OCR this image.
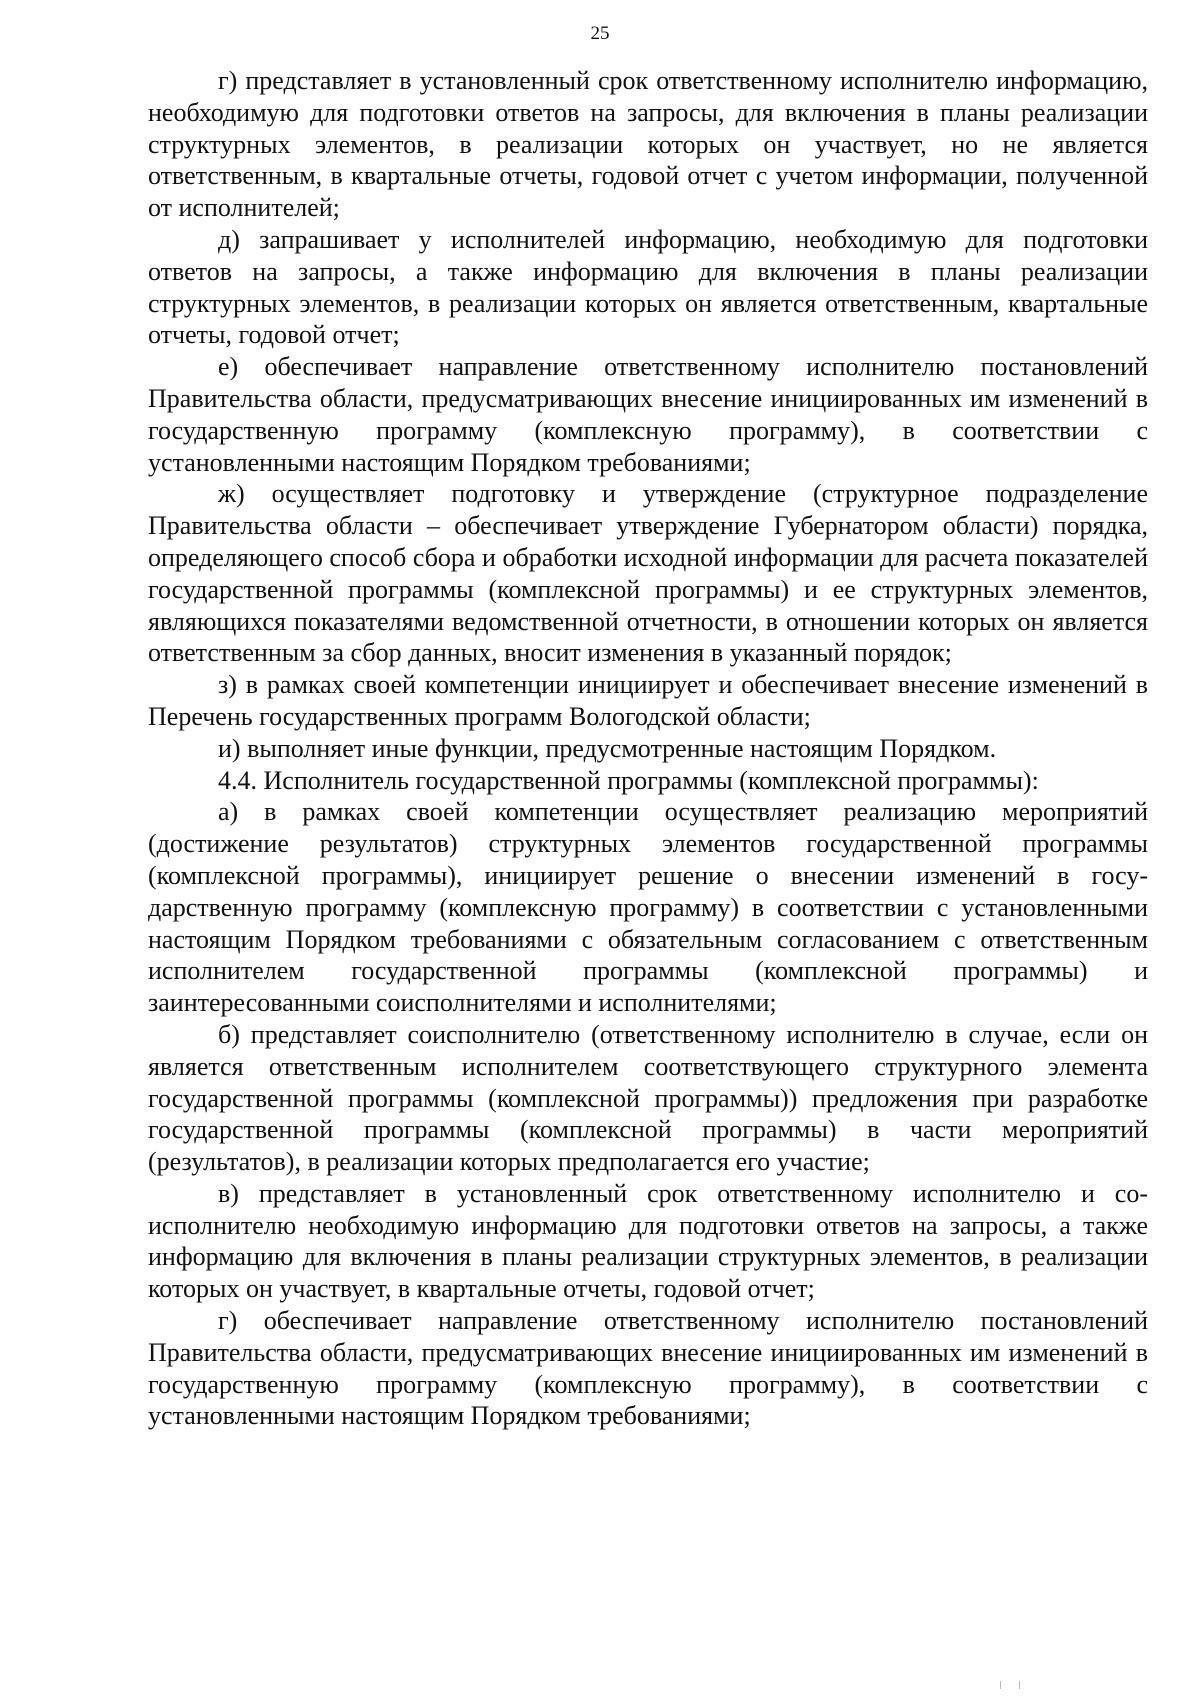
25

г) представляет в установленный срок ответственному исполнителю информацию, необходимую для подготовки ответов на запросы, для включения в планы реализации структурных элементов, в реализации которых он участвует, но не является ответственным, в квартальные отчеты, годовой отчет с учетом информации, полученной от исполнителей;

д) запрашивает у исполнителей информацию, необходимую для подготовки ответов на запросы, а также информацию для включения в планы реализации структурных элементов, в реализации которых он является ответственным, квартальные отчеты, годовой отчет;

е) обеспечивает направление ответственному исполнителю постановлений Правительства области, предусматривающих внесение инициированных им изменений в государственную программу (комплексную программу), в соответствии с установленными настоящим Порядком требованиями;

ж) осуществляет подготовку и утверждение (структурное подразделение Правительства области – обеспечивает утверждение Губернатором области) порядка, определяющего способ сбора и обработки исходной информации для расчета показателей государственной программы (комплексной программы) и ее структурных элементов, являющихся показателями ведомственной отчетности, в отношении которых он является ответственным за сбор данных, вносит изменения в указанный порядок;

з) в рамках своей компетенции инициирует и обеспечивает внесение изменений в Перечень государственных программ Вологодской области;

и) выполняет иные функции, предусмотренные настоящим Порядком.

4.4. Исполнитель государственной программы (комплексной программы):

а) в рамках своей компетенции осуществляет реализацию мероприятий (достижение результатов) структурных элементов государственной программы (комплексной программы), инициирует решение о внесении изменений в государственную программу (комплексную программу) в соответствии с установленными настоящим Порядком требованиями с обязательным согласованием с ответственным исполнителем государственной программы (комплексной программы) и заинтересованными соисполнителями и исполнителями;

б) представляет соисполнителю (ответственному исполнителю в случае, если он является ответственным исполнителем соответствующего структурного элемента государственной программы (комплексной программы)) предложения при разработке государственной программы (комплексной программы) в части мероприятий (результатов), в реализации которых предполагается его участие;

в) представляет в установленный срок ответственному исполнителю и соисполнителю необходимую информацию для подготовки ответов на запросы, а также информацию для включения в планы реализации структурных элементов, в реализации которых он участвует, в квартальные отчеты, годовой отчет;

г) обеспечивает направление ответственному исполнителю постановлений Правительства области, предусматривающих внесение инициированных им изменений в государственную программу (комплексную программу), в соответствии с установленными настоящим Порядком требованиями;
